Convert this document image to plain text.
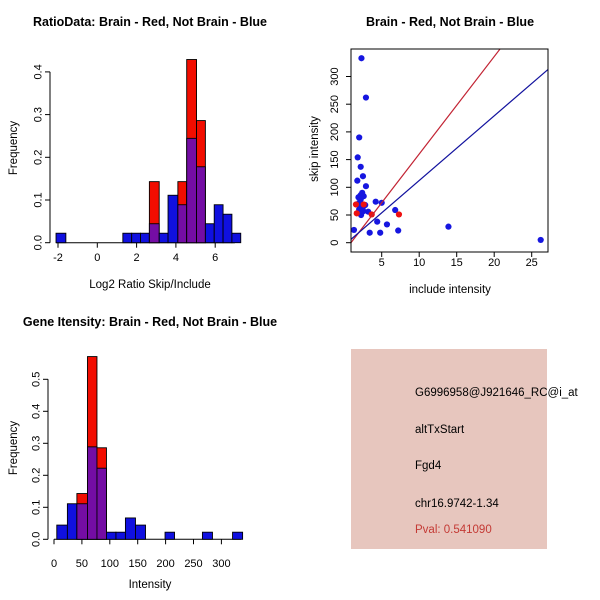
RatioData: Brain - Red, Not Brain - Blue
Frequency
0.0
0.1
0.2
0.3
0.4
-2	0	2	4	6
Log2 Ratio Skip/Include
Brain - Red, Not Brain - Blue
skip intensity
5	10 15 20 25
0
50
100
150
200
250
300
include intensity
Gene Itensity: Brain - Red, Not Brain - Blue
Frequency
0.0
0.1
0.2
0.3
0.4
0.5
0 50 100 150 200 250 300
Intensity
G6996958@J921646_RC@i_at
altTxStart
Fgd4
chr16.9742-1.34
Pval: 0.541090
